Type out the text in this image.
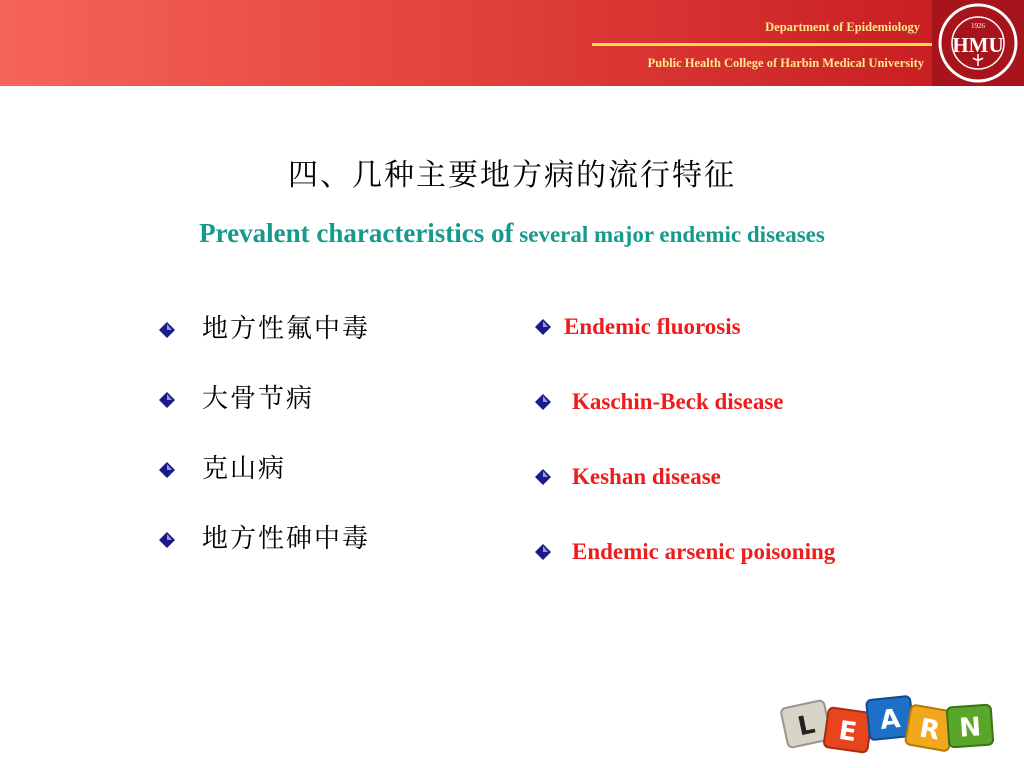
Department of Epidemiology
Public Health College of Harbin Medical University
1926
HMU
四、几种主要地方病的流行特征
Prevalent characteristics of several major endemic diseases
地方性氟中毒
大骨节病
克山病
地方性砷中毒
Endemic fluorosis
Kaschin-Beck disease
Keshan disease
Endemic arsenic poisoning
L E A R N
